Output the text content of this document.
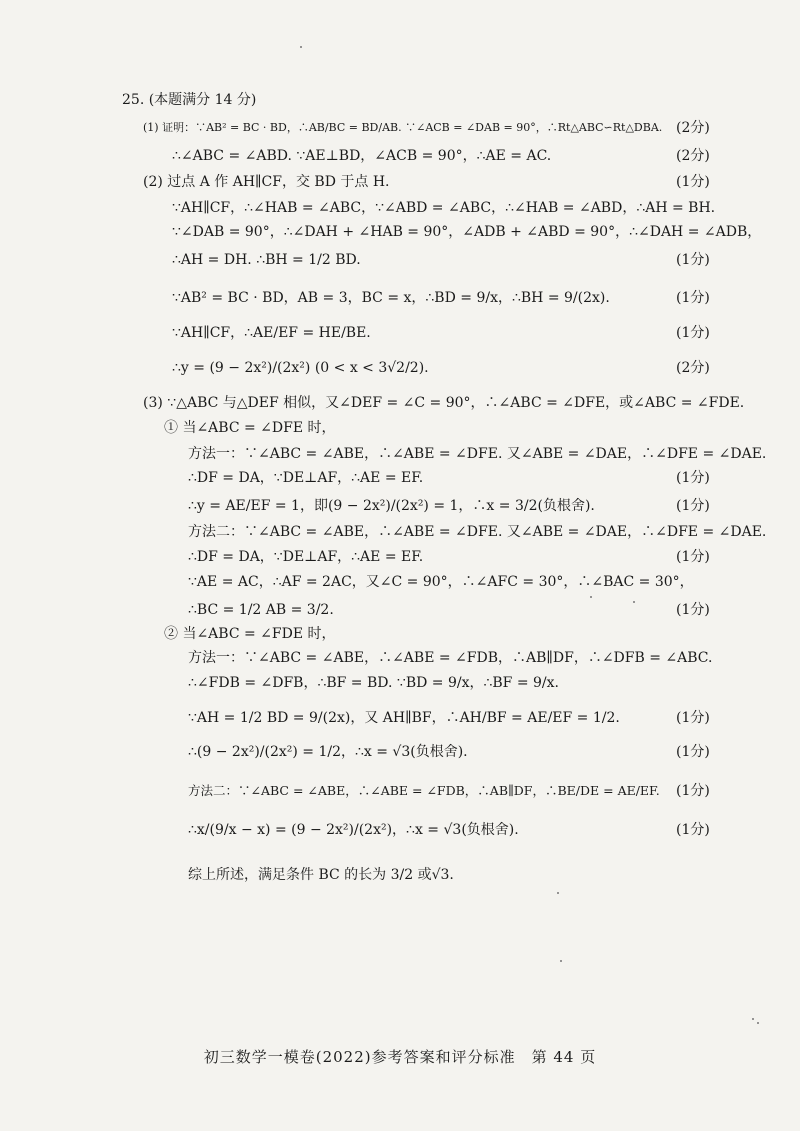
25. (本题满分 14 分)
(1) 证明：∵AB² = BC · BD，∴AB/BC = BD/AB. ∵∠ACB = ∠DAB = 90°，∴Rt△ABC∽Rt△DBA. (2分)
∴∠ABC = ∠ABD. ∵AE⊥BD，∠ACB = 90°，∴AE = AC.	(2分)
(2) 过点 A 作 AH∥CF，交 BD 于点 H.	(1分)
∵AH∥CF，∴∠HAB = ∠ABC，∵∠ABD = ∠ABC，∴∠HAB = ∠ABD，∴AH = BH.
∵∠DAB = 90°，∴∠DAH + ∠HAB = 90°，∠ADB + ∠ABD = 90°，∴∠DAH = ∠ADB，
∴AH = DH. ∴BH = 1/2 BD.	(1分)
∵AB² = BC · BD，AB = 3，BC = x，∴BD = 9/x，∴BH = 9/(2x).	(1分)
∵AH∥CF，∴AE/EF = HE/BE.	(1分)
∴y = (9 − 2x²)/(2x²) (0 < x < 3√2/2).	(2分)
(3) ∵△ABC 与△DEF 相似，又∠DEF = ∠C = 90°，∴∠ABC = ∠DFE，或∠ABC = ∠FDE.
① 当∠ABC = ∠DFE 时，
方法一：∵∠ABC = ∠ABE，∴∠ABE = ∠DFE. 又∠ABE = ∠DAE，∴∠DFE = ∠DAE.
∴DF = DA，∵DE⊥AF，∴AE = EF.	(1分)
∴y = AE/EF = 1，即(9 − 2x²)/(2x²) = 1，∴x = 3/2(负根舍).	(1分)
方法二：∵∠ABC = ∠ABE，∴∠ABE = ∠DFE. 又∠ABE = ∠DAE，∴∠DFE = ∠DAE.
∴DF = DA，∵DE⊥AF，∴AE = EF.	(1分)
∵AE = AC，∴AF = 2AC，又∠C = 90°，∴∠AFC = 30°，∴∠BAC = 30°，
∴BC = 1/2 AB = 3/2.	(1分)
② 当∠ABC = ∠FDE 时，
方法一：∵∠ABC = ∠ABE，∴∠ABE = ∠FDB，∴AB∥DF，∴∠DFB = ∠ABC.
∴∠FDB = ∠DFB，∴BF = BD. ∵BD = 9/x，∴BF = 9/x.
∵AH = 1/2 BD = 9/(2x)，又 AH∥BF，∴AH/BF = AE/EF = 1/2.	(1分)
∴(9 − 2x²)/(2x²) = 1/2，∴x = √3(负根舍).	(1分)
方法二：∵∠ABC = ∠ABE，∴∠ABE = ∠FDB，∴AB∥DF，∴BE/DE = AE/EF. (1分)
∴x/(9/x − x) = (9 − 2x²)/(2x²)，∴x = √3(负根舍).	(1分)
综上所述，满足条件 BC 的长为 3/2 或√3.
初三数学一模卷(2022)参考答案和评分标准　第 44 页
